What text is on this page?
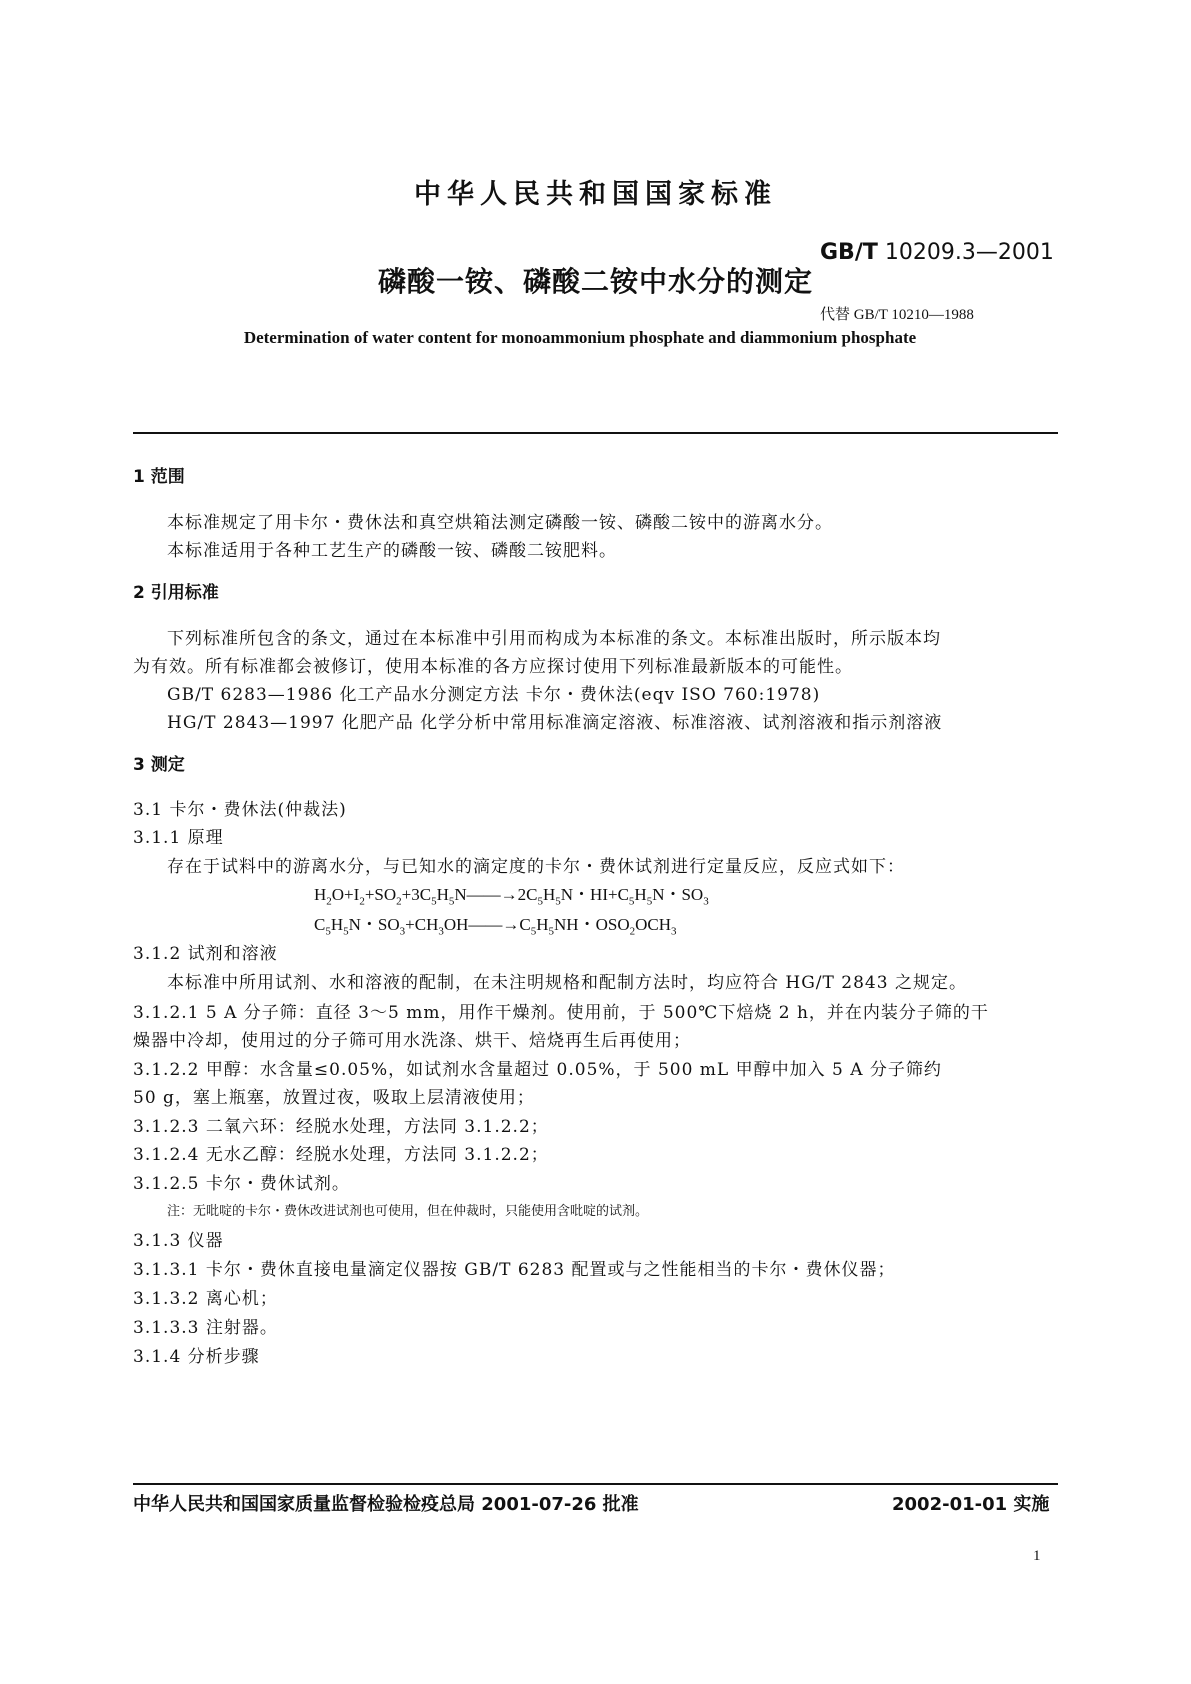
中华人民共和国国家标准
GB/T 10209.3—2001
磷酸一铵、磷酸二铵中水分的测定
代替 GB/T 10210—1988
Determination of water content for monoammonium phosphate and diammonium phosphate
1 范围
本标准规定了用卡尔・费休法和真空烘箱法测定磷酸一铵、磷酸二铵中的游离水分。
本标准适用于各种工艺生产的磷酸一铵、磷酸二铵肥料。
2 引用标准
下列标准所包含的条文，通过在本标准中引用而构成为本标准的条文。本标准出版时，所示版本均
为有效。所有标准都会被修订，使用本标准的各方应探讨使用下列标准最新版本的可能性。
GB/T 6283—1986 化工产品水分测定方法 卡尔・费休法(eqv ISO 760:1978)
HG/T 2843—1997 化肥产品 化学分析中常用标准滴定溶液、标准溶液、试剂溶液和指示剂溶液
3 测定
3.1 卡尔・费休法(仲裁法)
3.1.1 原理
存在于试料中的游离水分，与已知水的滴定度的卡尔・费休试剂进行定量反应，反应式如下：
$H_2O+I_2+SO_2+3C_5H_5N——\to 2C_5H_5N$・$HI+C_5H_5N$・$SO_3$
$C_5H_5N$・$SO_3+CH_3OH——\to C_5H_5NH$・$OSO_2OCH_3$
3.1.2 试剂和溶液
本标准中所用试剂、水和溶液的配制，在未注明规格和配制方法时，均应符合 HG/T 2843 之规定。
3.1.2.1 5 A 分子筛：直径 3～5 mm，用作干燥剂。使用前，于 500℃下焙烧 2 h，并在内装分子筛的干
燥器中冷却，使用过的分子筛可用水洗涤、烘干、焙烧再生后再使用；
3.1.2.2 甲醇：水含量≤0.05%，如试剂水含量超过 0.05%，于 500 mL 甲醇中加入 5 A 分子筛约
50 g，塞上瓶塞，放置过夜，吸取上层清液使用；
3.1.2.3 二氧六环：经脱水处理，方法同 3.1.2.2；
3.1.2.4 无水乙醇：经脱水处理，方法同 3.1.2.2；
3.1.2.5 卡尔・费休试剂。
注：无吡啶的卡尔・费休改进试剂也可使用，但在仲裁时，只能使用含吡啶的试剂。
3.1.3 仪器
3.1.3.1 卡尔・费休直接电量滴定仪器按 GB/T 6283 配置或与之性能相当的卡尔・费休仪器；
3.1.3.2 离心机；
3.1.3.3 注射器。
3.1.4 分析步骤
中华人民共和国国家质量监督检验检疫总局 2001-07-26 批准	2002-01-01 实施
1
